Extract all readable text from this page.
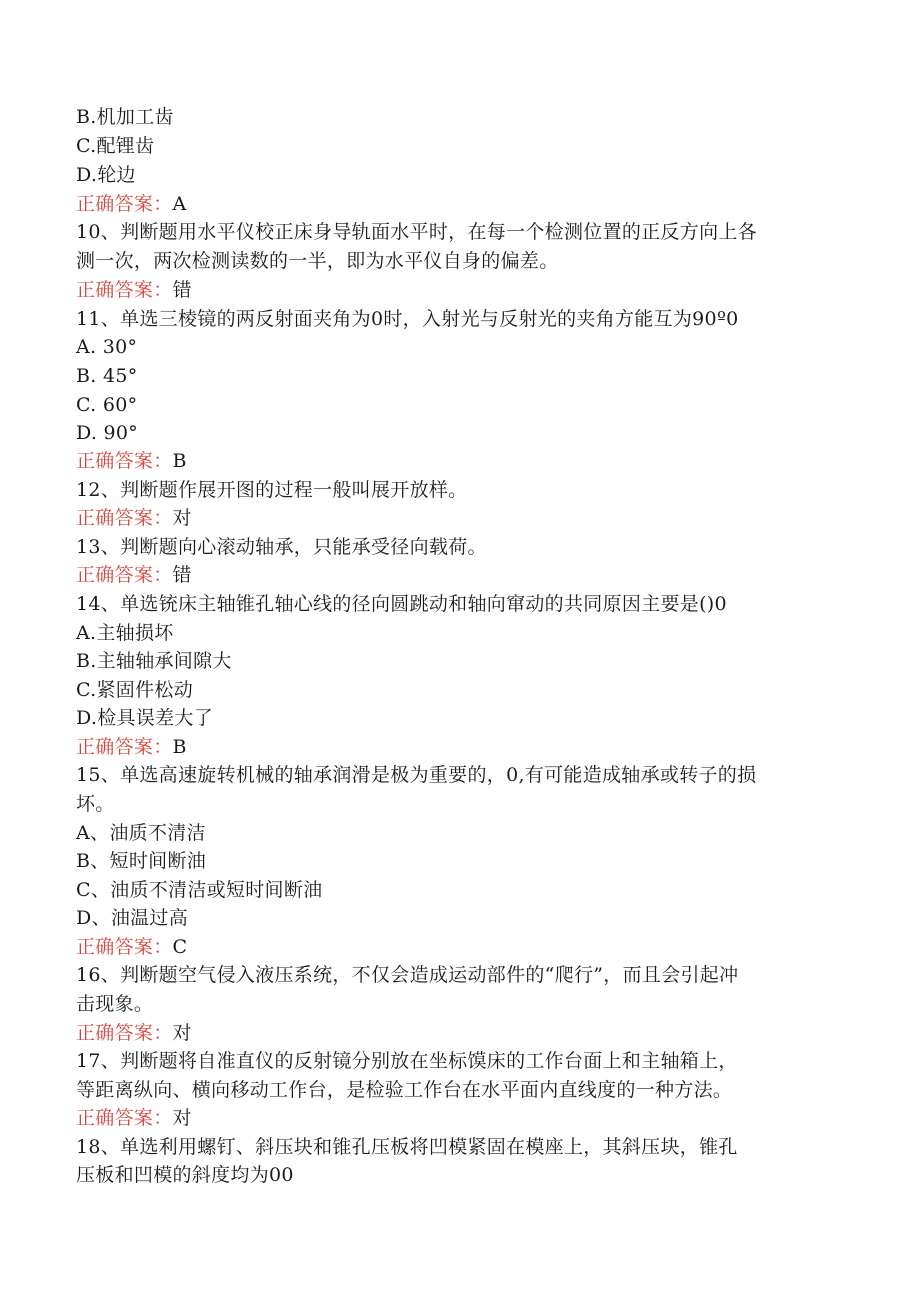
B.机加工齿
C.配锂齿
D.轮边
正确答案：A
10、判断题用水平仪校正床身导轨面水平时，在每一个检测位置的正反方向上各
测一次，两次检测读数的一半，即为水平仪自身的偏差。
正确答案：错
11、单选三棱镜的两反射面夹角为0时，入射光与反射光的夹角方能互为90º0
A. 30°
B. 45°
C. 60°
D. 90°
正确答案：B
12、判断题作展开图的过程一般叫展开放样。
正确答案：对
13、判断题向心滚动轴承，只能承受径向载荷。
正确答案：错
14、单选铳床主轴锥孔轴心线的径向圆跳动和轴向窜动的共同原因主要是()0
A.主轴损坏
B.主轴轴承间隙大
C.紧固件松动
D.检具误差大了
正确答案：B
15、单选高速旋转机械的轴承润滑是极为重要的，0,有可能造成轴承或转子的损
坏。
A、油质不清洁
B、短时间断油
C、油质不清洁或短时间断油
D、油温过高
正确答案：C
16、判断题空气侵入液压系统，不仅会造成运动部件的“爬行”，而且会引起冲
击现象。
正确答案：对
17、判断题将自准直仪的反射镜分别放在坐标馍床的工作台面上和主轴箱上，
等距离纵向、横向移动工作台，是检验工作台在水平面内直线度的一种方法。
正确答案：对
18、单选利用螺钉、斜压块和锥孔压板将凹模紧固在模座上，其斜压块，锥孔
压板和凹模的斜度均为00
